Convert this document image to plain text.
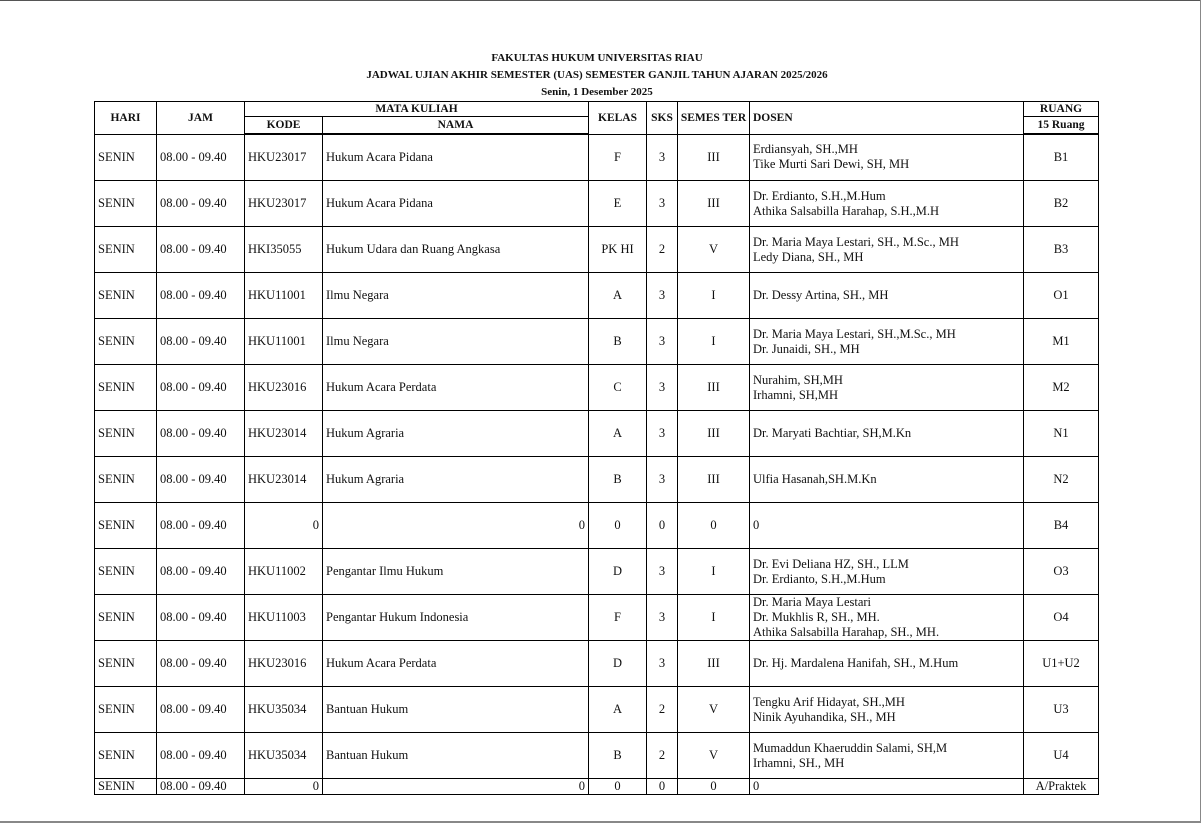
FAKULTAS HUKUM UNIVERSITAS RIAU
JADWAL UJIAN AKHIR SEMESTER (UAS) SEMESTER GANJIL TAHUN AJARAN 2025/2026
Senin, 1 Desember 2025
HARI	JAM	MATA KULIAH		KELAS	SKS	SEMES TER	DOSEN	RUANG
		KODE	NAMA					15 Ruang
SENIN	08.00 - 09.40	HKU23017	Hukum Acara Pidana	F	3	III	Erdiansyah, SH.,MH
Tike Murti Sari Dewi, SH, MH	B1
SENIN	08.00 - 09.40	HKU23017	Hukum Acara Pidana	E	3	III	Dr. Erdianto, S.H.,M.Hum
Athika Salsabilla Harahap, S.H.,M.H	B2
SENIN	08.00 - 09.40	HKI35055	Hukum Udara dan Ruang Angkasa	PK HI	2	V	Dr. Maria Maya Lestari, SH., M.Sc., MH
Ledy Diana, SH., MH	B3
SENIN	08.00 - 09.40	HKU11001	Ilmu Negara	A	3	I	Dr. Dessy Artina, SH., MH	O1
SENIN	08.00 - 09.40	HKU11001	Ilmu Negara	B	3	I	Dr. Maria Maya Lestari, SH.,M.Sc., MH
Dr. Junaidi, SH., MH	M1
SENIN	08.00 - 09.40	HKU23016	Hukum Acara Perdata	C	3	III	Nurahim, SH,MH
Irhamni, SH,MH	M2
SENIN	08.00 - 09.40	HKU23014	Hukum Agraria	A	3	III	Dr. Maryati Bachtiar, SH,M.Kn	N1
SENIN	08.00 - 09.40	HKU23014	Hukum Agraria	B	3	III	Ulfia Hasanah,SH.M.Kn	N2
SENIN	08.00 - 09.40	0	0	0	0	0	0	B4
SENIN	08.00 - 09.40	HKU11002	Pengantar Ilmu Hukum	D	3	I	Dr. Evi Deliana HZ, SH., LLM
Dr. Erdianto, S.H.,M.Hum	O3
SENIN	08.00 - 09.40	HKU11003	Pengantar Hukum Indonesia	F	3	I	Dr. Maria Maya Lestari
Dr. Mukhlis R, SH., MH.
Athika Salsabilla Harahap, SH., MH.	O4
SENIN	08.00 - 09.40	HKU23016	Hukum Acara Perdata	D	3	III	Dr. Hj. Mardalena Hanifah, SH., M.Hum	U1+U2
SENIN	08.00 - 09.40	HKU35034	Bantuan Hukum	A	2	V	Tengku Arif Hidayat, SH.,MH
Ninik Ayuhandika, SH., MH	U3
SENIN	08.00 - 09.40	HKU35034	Bantuan Hukum	B	2	V	Mumaddun Khaeruddin Salami, SH,M
Irhamni, SH., MH	U4
SENIN	08.00 - 09.40	0	0	0	0	0	0	A/Praktek
